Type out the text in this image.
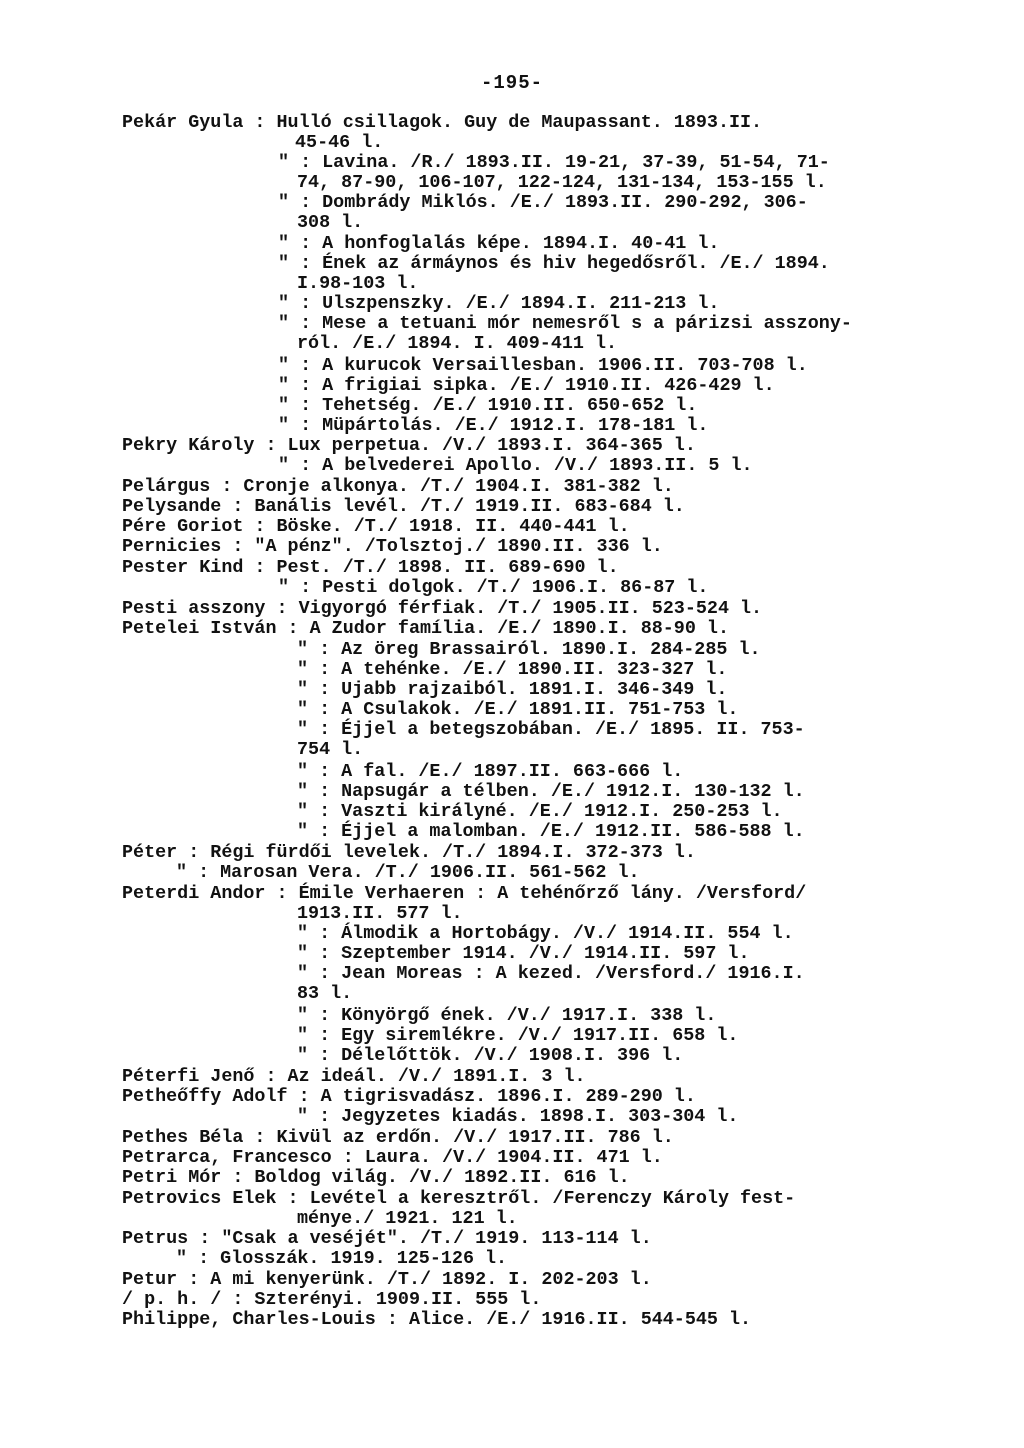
-195-
Pekár Gyula : Hulló csillagok. Guy de Maupassant. 1893.II.
45-46 l.
" : Lavina. /R./ 1893.II. 19-21, 37-39, 51-54, 71-
74, 87-90, 106-107, 122-124, 131-134, 153-155 l.
" : Dombrády Miklós. /E./ 1893.II. 290-292, 306-
308 l.
" : A honfoglalás képe. 1894.I. 40-41 l.
" : Ének az ármáynos és hiv hegedősről. /E./ 1894.
I.98-103 l.
" : Ulszpenszky. /E./ 1894.I. 211-213 l.
" : Mese a tetuani mór nemesről s a párizsi asszony-
ról. /E./ 1894. I. 409-411 l.
" : A kurucok Versaillesban. 1906.II. 703-708 l.
" : A frigiai sipka. /E./ 1910.II. 426-429 l.
" : Tehetség. /E./ 1910.II. 650-652 l.
" : Müpártolás. /E./ 1912.I. 178-181 l.
Pekry Károly : Lux perpetua. /V./ 1893.I. 364-365 l.
" : A belvederei Apollo. /V./ 1893.II. 5 l.
Pelárgus : Cronje alkonya. /T./ 1904.I. 381-382 l.
Pelysande : Banális levél. /T./ 1919.II. 683-684 l.
Pére Goriot : Böske. /T./ 1918. II. 440-441 l.
Pernicies : "A pénz". /Tolsztoj./ 1890.II. 336 l.
Pester Kind : Pest. /T./ 1898. II. 689-690 l.
" : Pesti dolgok. /T./ 1906.I. 86-87 l.
Pesti asszony : Vigyorgó férfiak. /T./ 1905.II. 523-524 l.
Petelei István : A Zudor família. /E./ 1890.I. 88-90 l.
" : Az öreg Brassairól. 1890.I. 284-285 l.
" : A tehénke. /E./ 1890.II. 323-327 l.
" : Ujabb rajzaiból. 1891.I. 346-349 l.
" : A Csulakok. /E./ 1891.II. 751-753 l.
" : Éjjel a betegszobában. /E./ 1895. II. 753-
754 l.
" : A fal. /E./ 1897.II. 663-666 l.
" : Napsugár a télben. /E./ 1912.I. 130-132 l.
" : Vaszti királyné. /E./ 1912.I. 250-253 l.
" : Éjjel a malomban. /E./ 1912.II. 586-588 l.
Péter : Régi fürdői levelek. /T./ 1894.I. 372-373 l.
" : Marosan Vera. /T./ 1906.II. 561-562 l.
Peterdi Andor : Émile Verhaeren : A tehénőrző lány. /Versford/
1913.II. 577 l.
" : Álmodik a Hortobágy. /V./ 1914.II. 554 l.
" : Szeptember 1914. /V./ 1914.II. 597 l.
" : Jean Moreas : A kezed. /Versford./ 1916.I.
83 l.
" : Könyörgő ének. /V./ 1917.I. 338 l.
" : Egy siremlékre. /V./ 1917.II. 658 l.
" : Délelőttök. /V./ 1908.I. 396 l.
Péterfi Jenő : Az ideál. /V./ 1891.I. 3 l.
Petheőffy Adolf : A tigrisvadász. 1896.I. 289-290 l.
" : Jegyzetes kiadás. 1898.I. 303-304 l.
Pethes Béla : Kivül az erdőn. /V./ 1917.II. 786 l.
Petrarca, Francesco : Laura. /V./ 1904.II. 471 l.
Petri Mór : Boldog világ. /V./ 1892.II. 616 l.
Petrovics Elek : Levétel a keresztről. /Ferenczy Károly fest-
ménye./ 1921. 121 l.
Petrus : "Csak a veséjét". /T./ 1919. 113-114 l.
" : Glosszák. 1919. 125-126 l.
Petur : A mi kenyerünk. /T./ 1892. I. 202-203 l.
/ p. h. / : Szterényi. 1909.II. 555 l.
Philippe, Charles-Louis : Alice. /E./ 1916.II. 544-545 l.
